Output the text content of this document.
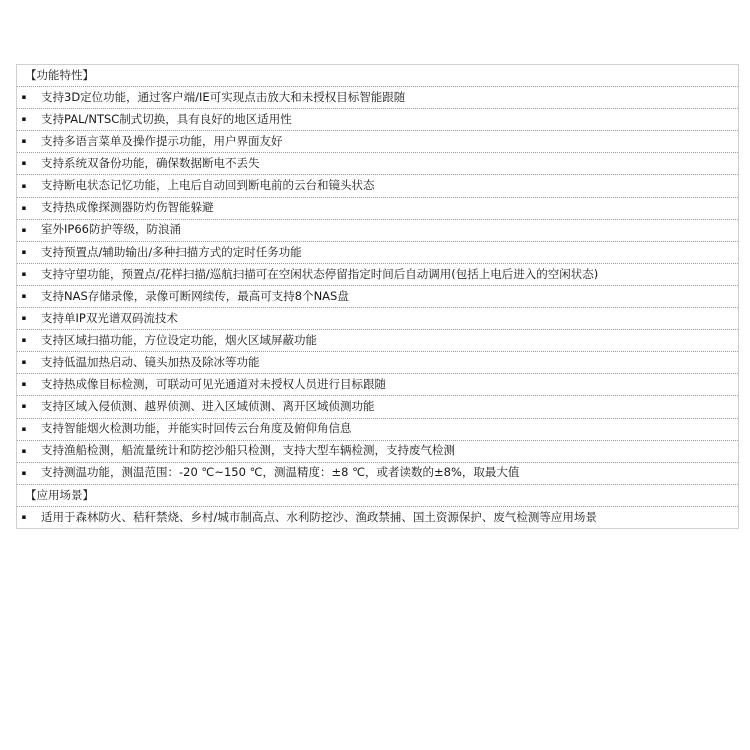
【功能特性】
▪ 支持3D定位功能，通过客户端/IE可实现点击放大和未授权目标智能跟随
▪ 支持PAL/NTSC制式切换，具有良好的地区适用性
▪ 支持多语言菜单及操作提示功能，用户界面友好
▪ 支持系统双备份功能，确保数据断电不丢失
▪ 支持断电状态记忆功能，上电后自动回到断电前的云台和镜头状态
▪ 支持热成像探测器防灼伤智能躲避
▪ 室外IP66防护等级，防浪涌
▪ 支持预置点/辅助输出/多种扫描方式的定时任务功能
▪ 支持守望功能，预置点/花样扫描/巡航扫描可在空闲状态停留指定时间后自动调用(包括上电后进入的空闲状态)
▪ 支持NAS存储录像，录像可断网续传，最高可支持8个NAS盘
▪ 支持单IP双光谱双码流技术
▪ 支持区域扫描功能，方位设定功能，烟火区域屏蔽功能
▪ 支持低温加热启动、镜头加热及除冰等功能
▪ 支持热成像目标检测，可联动可见光通道对未授权人员进行目标跟随
▪ 支持区域入侵侦测、越界侦测、进入区域侦测、离开区域侦测功能
▪ 支持智能烟火检测功能，并能实时回传云台角度及俯仰角信息
▪ 支持渔船检测，船流量统计和防挖沙船只检测，支持大型车辆检测，支持废气检测
▪ 支持测温功能，测温范围：-20 ℃~150 ℃，测温精度：±8 ℃，或者读数的±8%，取最大值
【应用场景】
▪ 适用于森林防火、秸秆禁烧、乡村/城市制高点、水利防挖沙、渔政禁捕、国土资源保护、废气检测等应用场景
